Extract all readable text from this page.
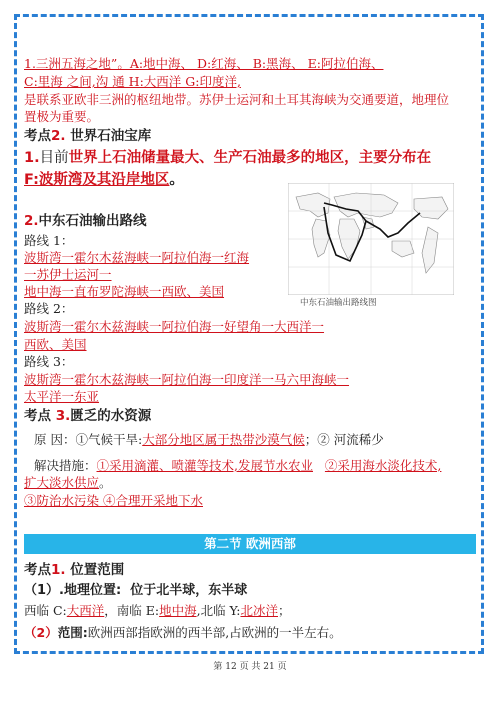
1.三洲五海之地”。A:地中海、 D:红海、 B:黑海、 E:阿拉伯海、
C:里海 之间,沟 通 H:大西洋 G:印度洋,
是联系亚欧非三洲的枢纽地带。苏伊士运河和土耳其海峡为交通要道，地理位
置极为重要。
考点2. 世界石油宝库
1.目前世界上石油储量最大、生产石油最多的地区，主要分布在
F:波斯湾及其沿岸地区。
2.中东石油输出路线
路线 1：
波斯湾一霍尔木兹海峡一阿拉伯海一红海
一苏伊士运河一
地中海一直布罗陀海峡一西欧、美国
路线 2：
波斯湾一霍尔木兹海峡一阿拉伯海一好望角一大西洋一
西欧、美国
路线 3：
波斯湾一霍尔木兹海峡一阿拉伯海一印度洋一马六甲海峡一
太平洋一东亚
中东石油输出路线图
考点 3.匮乏的水资源
原 因：①气候干旱:大部分地区属于热带沙漠气候；② 河流稀少
解决措施：①采用滴灌、喷灌等技术,发展节水农业 ②采用海水淡化技术,
扩大淡水供应。
③防治水污染 ④合理开采地下水
第二节 欧洲西部
考点1. 位置范围
（1）.地理位置: 位于北半球，东半球
西临 C:大西洋，南临 E:地中海,北临 Y:北冰洋；
（2）范围:欧洲西部指欧洲的西半部,占欧洲的一半左右。
第 12 页 共 21 页
